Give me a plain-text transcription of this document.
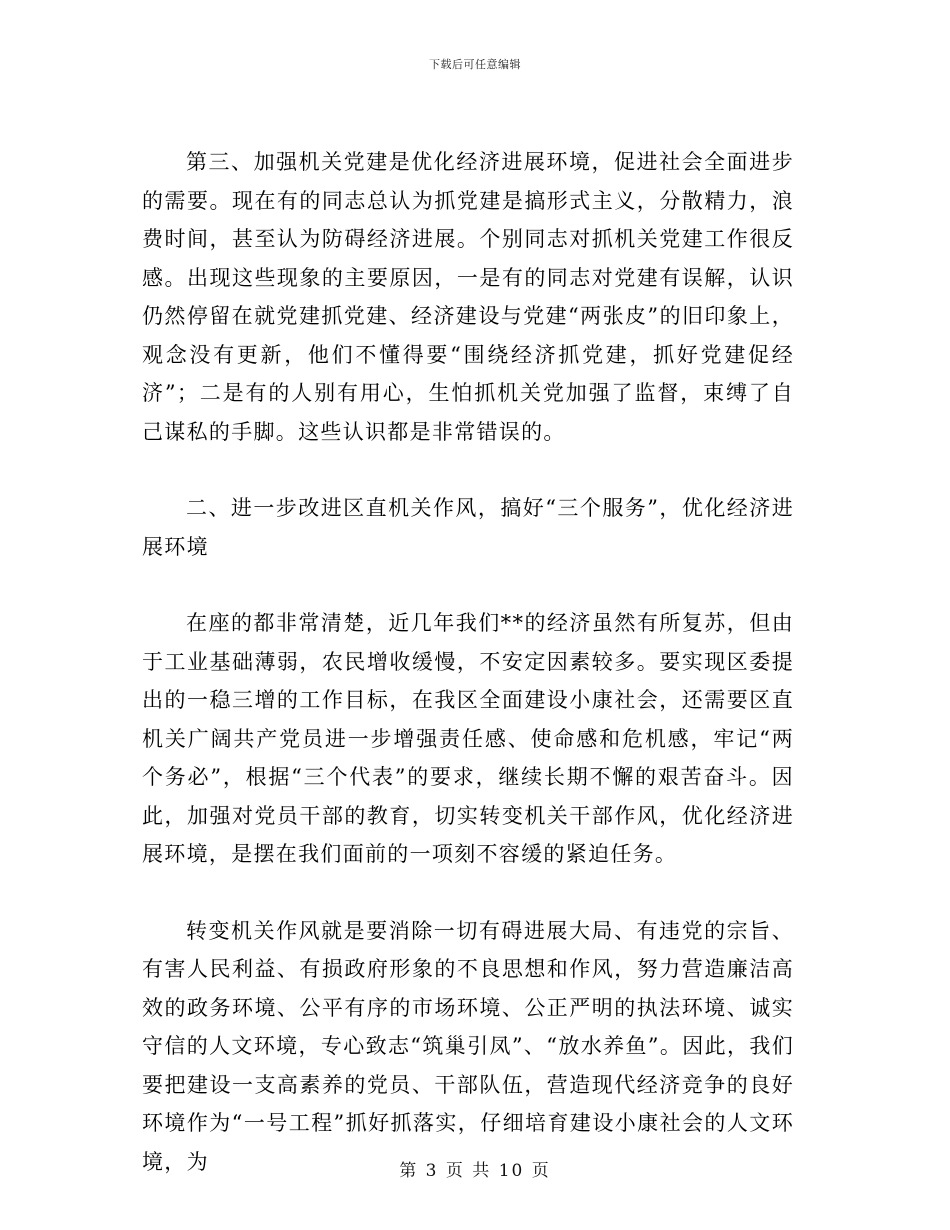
下载后可任意编辑

第三、加强机关党建是优化经济进展环境，促进社会全面进步的需要。现在有的同志总认为抓党建是搞形式主义，分散精力，浪费时间，甚至认为防碍经济进展。个别同志对抓机关党建工作很反感。出现这些现象的主要原因，一是有的同志对党建有误解，认识仍然停留在就党建抓党建、经济建设与党建“两张皮”的旧印象上，观念没有更新，他们不懂得要“围绕经济抓党建，抓好党建促经济”；二是有的人别有用心，生怕抓机关党加强了监督，束缚了自己谋私的手脚。这些认识都是非常错误的。

二、进一步改进区直机关作风，搞好“三个服务”，优化经济进展环境

在座的都非常清楚，近几年我们**的经济虽然有所复苏，但由于工业基础薄弱，农民增收缓慢，不安定因素较多。要实现区委提出的一稳三增的工作目标，在我区全面建设小康社会，还需要区直机关广阔共产党员进一步增强责任感、使命感和危机感，牢记“两个务必”，根据“三个代表”的要求，继续长期不懈的艰苦奋斗。因此，加强对党员干部的教育，切实转变机关干部作风，优化经济进展环境，是摆在我们面前的一项刻不容缓的紧迫任务。

转变机关作风就是要消除一切有碍进展大局、有违党的宗旨、有害人民利益、有损政府形象的不良思想和作风，努力营造廉洁高效的政务环境、公平有序的市场环境、公正严明的执法环境、诚实守信的人文环境，专心致志“筑巢引凤”、“放水养鱼”。因此，我们要把建设一支高素养的党员、干部队伍，营造现代经济竞争的良好环境作为“一号工程”抓好抓落实，仔细培育建设小康社会的人文环境，为	第 3 页 共 10 页
